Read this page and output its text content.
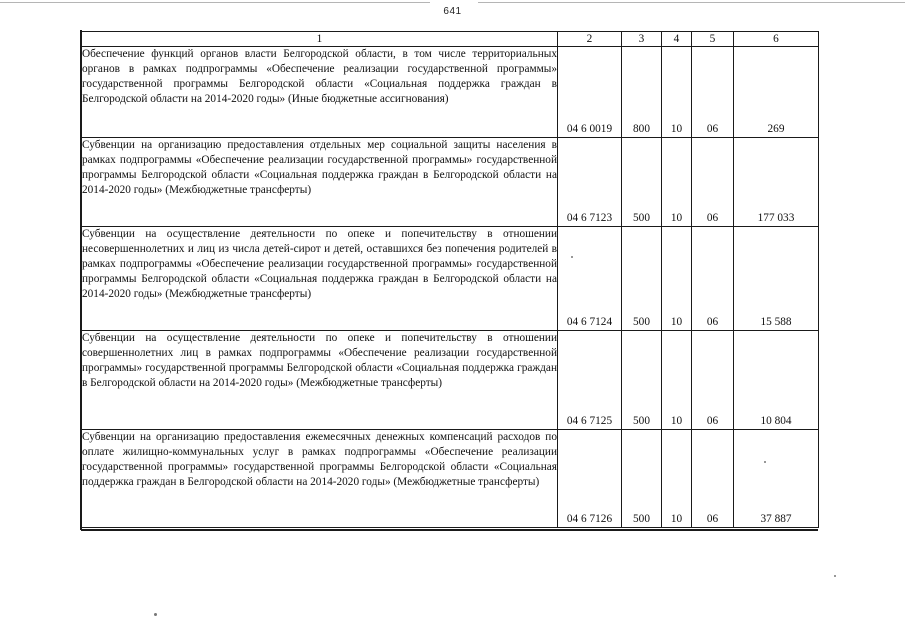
641
1	2	3	4	5	6
Обеспечение функций органов власти Белгородской области, в том числе территориальных органов в рамках подпрограммы «Обеспечение реализации государственной программы» государственной программы Белгородской области «Социальная поддержка граждан в Белгородской области на 2014-2020 годы» (Иные бюджетные ассигнования)	04 6 0019	800	10	06	269
Субвенции на организацию предоставления отдельных мер социальной защиты населения в рамках подпрограммы «Обеспечение реализации государственной программы» государственной программы Белгородской области «Социальная поддержка граждан в Белгородской области на 2014-2020 годы» (Межбюджетные трансферты)	04 6 7123	500	10	06	177 033
Субвенции на осуществление деятельности по опеке и попечительству в отношении несовершеннолетних и лиц из числа детей-сирот и детей, оставшихся без попечения родителей в рамках подпрограммы «Обеспечение реализации государственной программы» государственной программы Белгородской области «Социальная поддержка граждан в Белгородской области на 2014-2020 годы» (Межбюджетные трансферты)	04 6 7124	500	10	06	15 588
Субвенции на осуществление деятельности по опеке и попечительству в отношении совершеннолетних лиц в рамках подпрограммы «Обеспечение реализации государственной программы» государственной программы Белгородской области «Социальная поддержка граждан в Белгородской области на 2014-2020 годы» (Межбюджетные трансферты)	04 6 7125	500	10	06	10 804
Субвенции на организацию предоставления ежемесячных денежных компенсаций расходов по оплате жилищно-коммунальных услуг в рамках подпрограммы «Обеспечение реализации государственной программы» государственной программы Белгородской области «Социальная поддержка граждан в Белгородской области на 2014-2020 годы» (Межбюджетные трансферты)	04 6 7126	500	10	06	37 887
